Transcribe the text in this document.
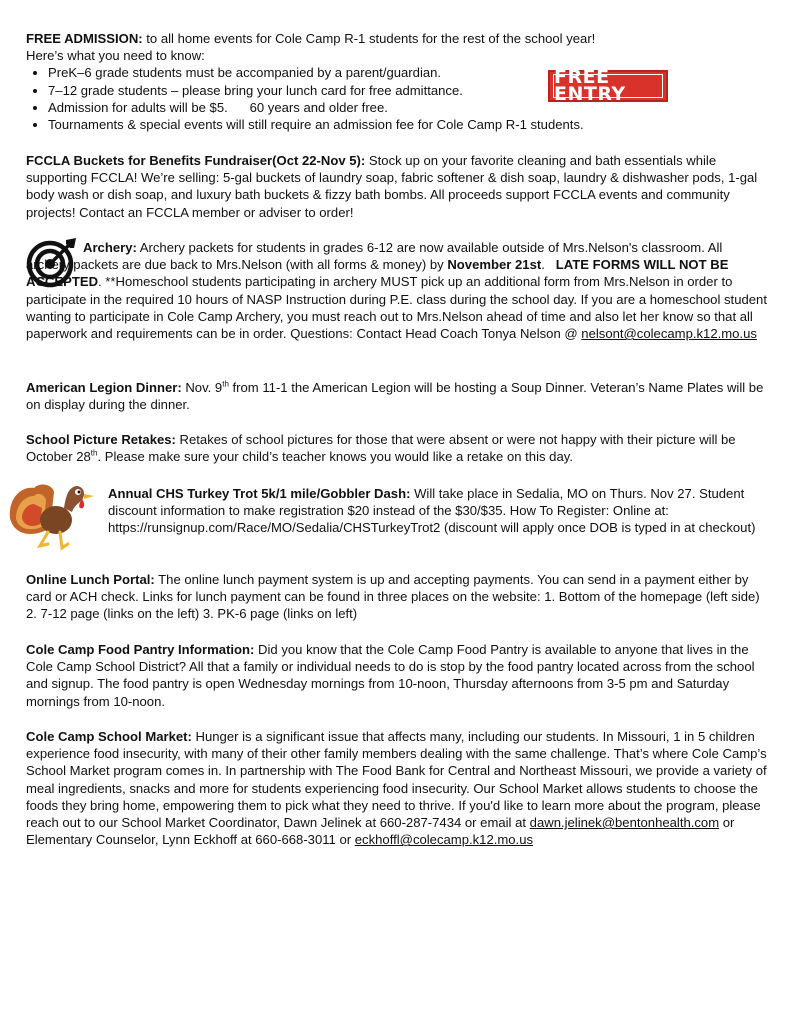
FREE ADMISSION: to all home events for Cole Camp R-1 students for the rest of the school year!

Here’s what you need to know:

• PreK–6 grade students must be accompanied by a parent/guardian.
• 7–12 grade students – please bring your lunch card for free admittance.
• Admission for adults will be $5.      60 years and older free.
• Tournaments & special events will still require an admission fee for Cole Camp R-1 students.
FREE ENTRY

FCCLA Buckets for Benefits Fundraiser(Oct 22-Nov 5): Stock up on your favorite cleaning and bath essentials while supporting FCCLA! We’re selling: 5-gal buckets of laundry soap, fabric softener & dish soap, laundry & dishwasher pods, 1-gal body wash or dish soap, and luxury bath buckets & fizzy bath bombs. All proceeds support FCCLA events and community projects! Contact an FCCLA member or adviser to order!

Archery: Archery packets for students in grades 6-12 are now available outside of Mrs.Nelson's classroom. All archery packets are due back to Mrs.Nelson (with all forms & money) by November 21st.   LATE FORMS WILL NOT BE ACCEPTED. **Homeschool students participating in archery MUST pick up an additional form from Mrs.Nelson in order to participate in the required 10 hours of NASP Instruction during P.E. class during the school day. If you are a homeschool student wanting to participate in Cole Camp Archery, you must reach out to Mrs.Nelson ahead of time and also let her know so that all paperwork and requirements can be in order. Questions: Contact Head Coach Tonya Nelson @ nelsont@colecamp.k12.mo.us

American Legion Dinner: Nov. 9th from 11-1 the American Legion will be hosting a Soup Dinner. Veteran’s Name Plates will be on display during the dinner.

School Picture Retakes: Retakes of school pictures for those that were absent or were not happy with their picture will be October 28th. Please make sure your child’s teacher knows you would like a retake on this day.

Annual CHS Turkey Trot 5k/1 mile/Gobbler Dash: Will take place in Sedalia, MO on Thurs. Nov 27. Student discount information to make registration $20 instead of the $30/$35. How To Register: Online at: https://runsignup.com/Race/MO/Sedalia/CHSTurkeyTrot2 (discount will apply once DOB is typed in at checkout)

Online Lunch Portal: The online lunch payment system is up and accepting payments. You can send in a payment either by card or ACH check. Links for lunch payment can be found in three places on the website: 1. Bottom of the homepage (left side) 2. 7-12 page (links on the left) 3. PK-6 page (links on left)

Cole Camp Food Pantry Information: Did you know that the Cole Camp Food Pantry is available to anyone that lives in the Cole Camp School District? All that a family or individual needs to do is stop by the food pantry located across from the school and signup. The food pantry is open Wednesday mornings from 10-noon, Thursday afternoons from 3-5 pm and Saturday mornings from 10-noon.

Cole Camp School Market: Hunger is a significant issue that affects many, including our students. In Missouri, 1 in 5 children experience food insecurity, with many of their other family members dealing with the same challenge. That’s where Cole Camp’s School Market program comes in. In partnership with The Food Bank for Central and Northeast Missouri, we provide a variety of meal ingredients, snacks and more for students experiencing food insecurity. Our School Market allows students to choose the foods they bring home, empowering them to pick what they need to thrive. If you'd like to learn more about the program, please reach out to our School Market Coordinator, Dawn Jelinek at 660-287-7434 or email at dawn.jelinek@bentonhealth.com or Elementary Counselor, Lynn Eckhoff at 660-668-3011 or eckhoffl@colecamp.k12.mo.us
